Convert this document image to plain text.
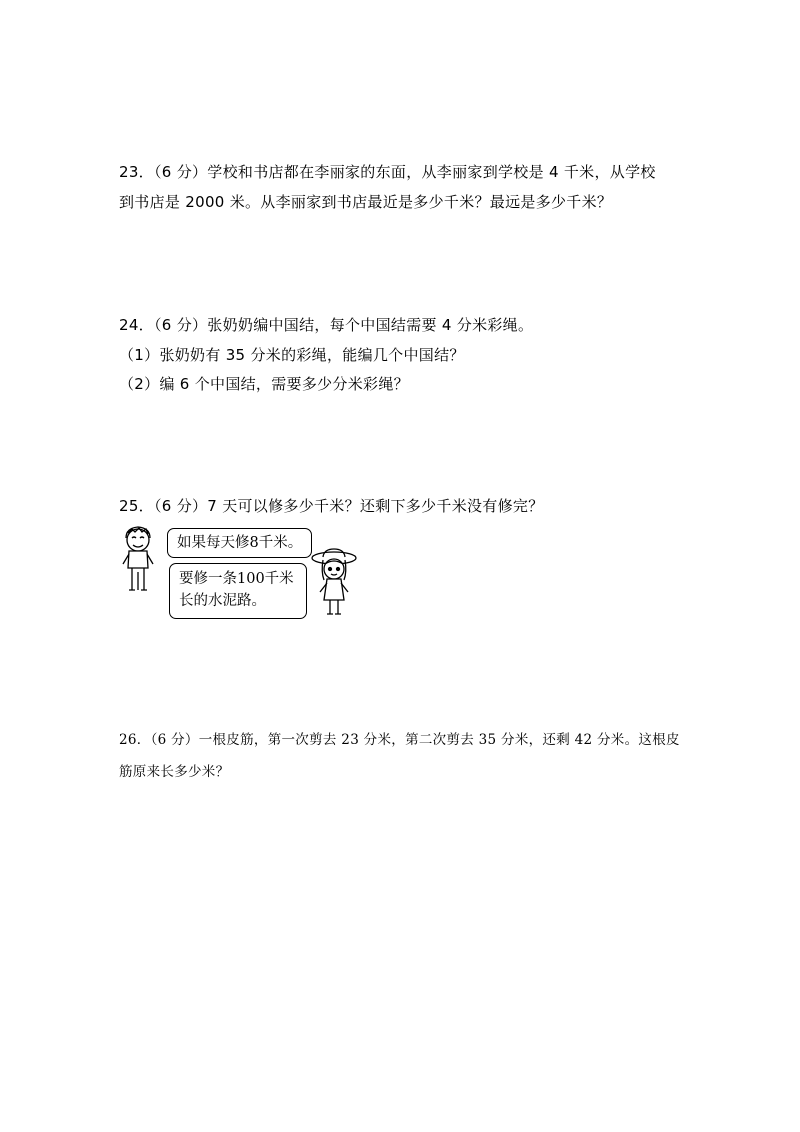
23．（6 分）学校和书店都在李丽家的东面，从李丽家到学校是 4 千米，从学校
到书店是 2000 米。从李丽家到书店最近是多少千米？最远是多少千米？
24．（6 分）张奶奶编中国结，每个中国结需要 4 分米彩绳。
（1）张奶奶有 35 分米的彩绳，能编几个中国结？
（2）编 6 个中国结，需要多少分米彩绳？
25．（6 分）7 天可以修多少千米？还剩下多少千米没有修完？
如果每天修8千米。
要修一条100千米
长的水泥路。
26．（6 分）一根皮筋，第一次剪去 23 分米，第二次剪去 35 分米，还剩 42 分米。这根皮
筋原来长多少米？
